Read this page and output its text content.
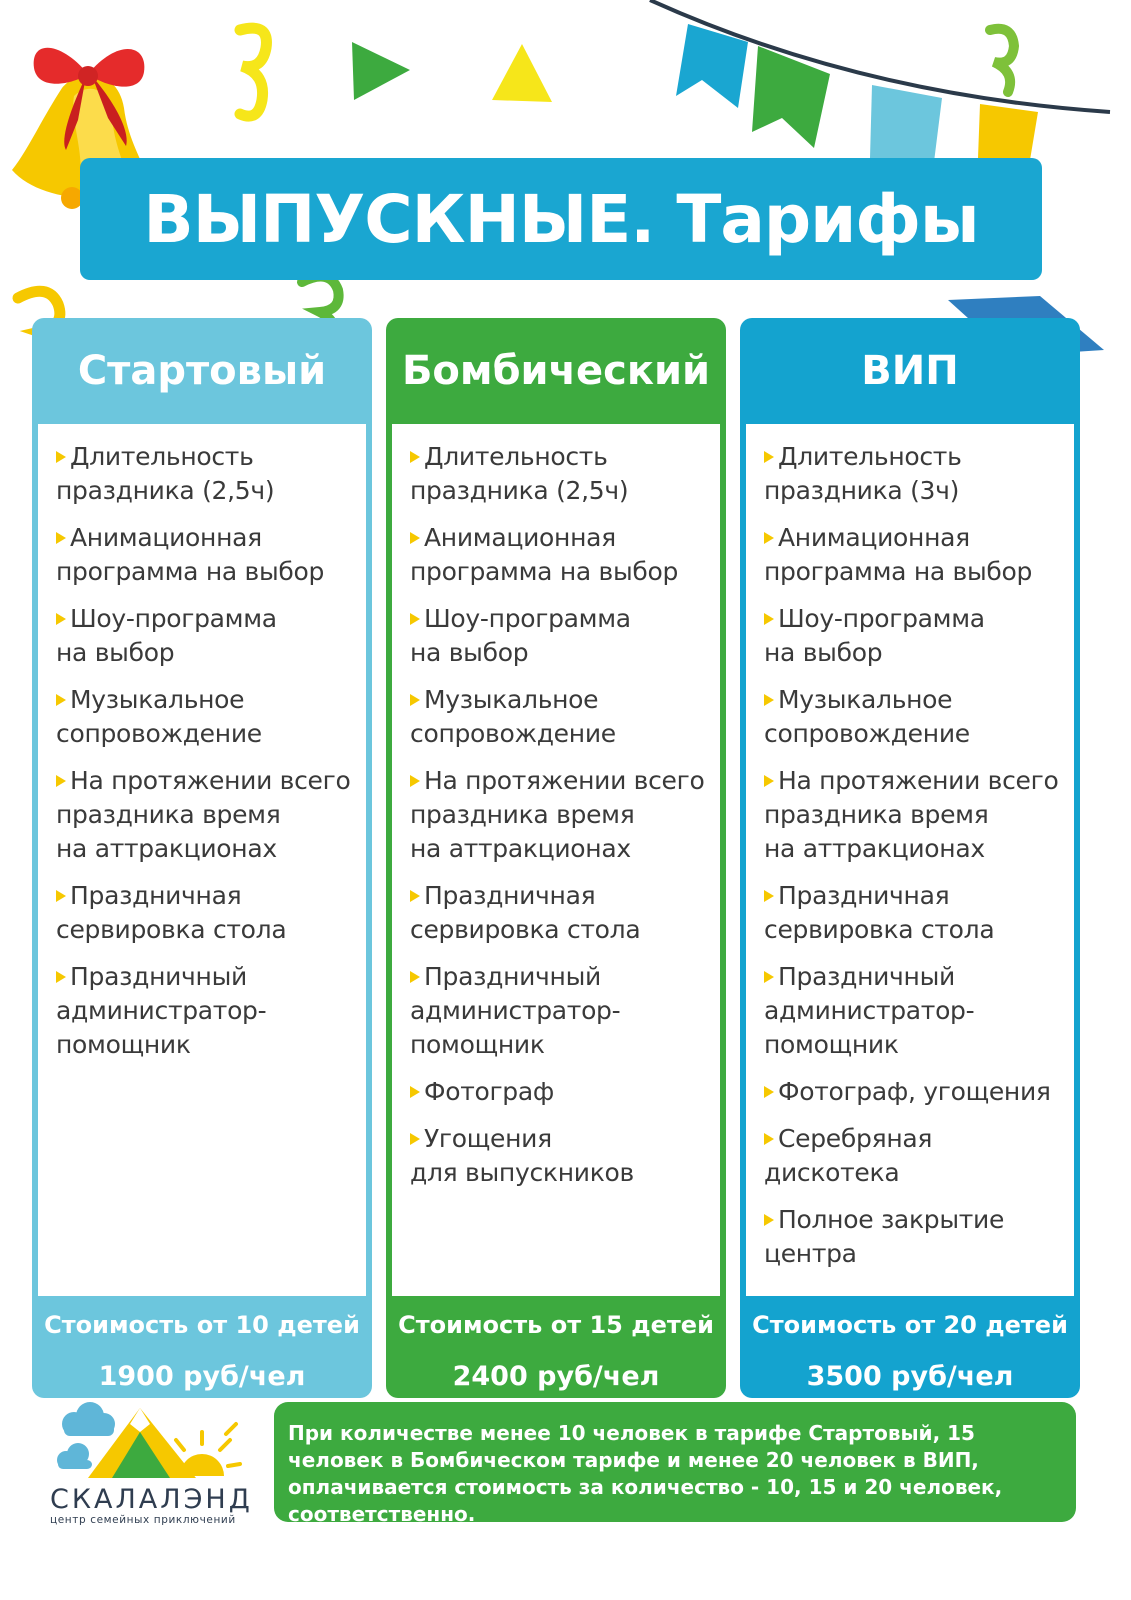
ВЫПУСКНЫЕ. Тарифы
Стартовый
Длительность
праздника (2,5ч)
Анимационная
программа на выбор
Шоу-программа
на выбор
Музыкальное
сопровождение
На протяжении всего
праздника время
на аттракционах
Праздничная
сервировка стола
Праздничный
администратор-
помощник
Стоимость от 10 детей
1900 руб/чел
Бомбический
Длительность
праздника (2,5ч)
Анимационная
программа на выбор
Шоу-программа
на выбор
Музыкальное
сопровождение
На протяжении всего
праздника время
на аттракционах
Праздничная
сервировка стола
Праздничный
администратор-
помощник
Фотограф
Угощения
для выпускников
Стоимость от 15 детей
2400 руб/чел
ВИП
Длительность
праздника (3ч)
Анимационная
программа на выбор
Шоу-программа
на выбор
Музыкальное
сопровождение
На протяжении всего
праздника время
на аттракционах
Праздничная
сервировка стола
Праздничный
администратор-
помощник
Фотограф, угощения
Серебряная
дискотека
Полное закрытие
центра
Стоимость от 20 детей
3500 руб/чел
СКАЛАЛЭНД
центр семейных приключений
При количестве менее 10 человек в тарифе Стартовый, 15 человек в Бомбическом тарифе и менее 20 человек в ВИП, оплачивается стоимость за количество - 10, 15 и 20 человек, соответственно.
